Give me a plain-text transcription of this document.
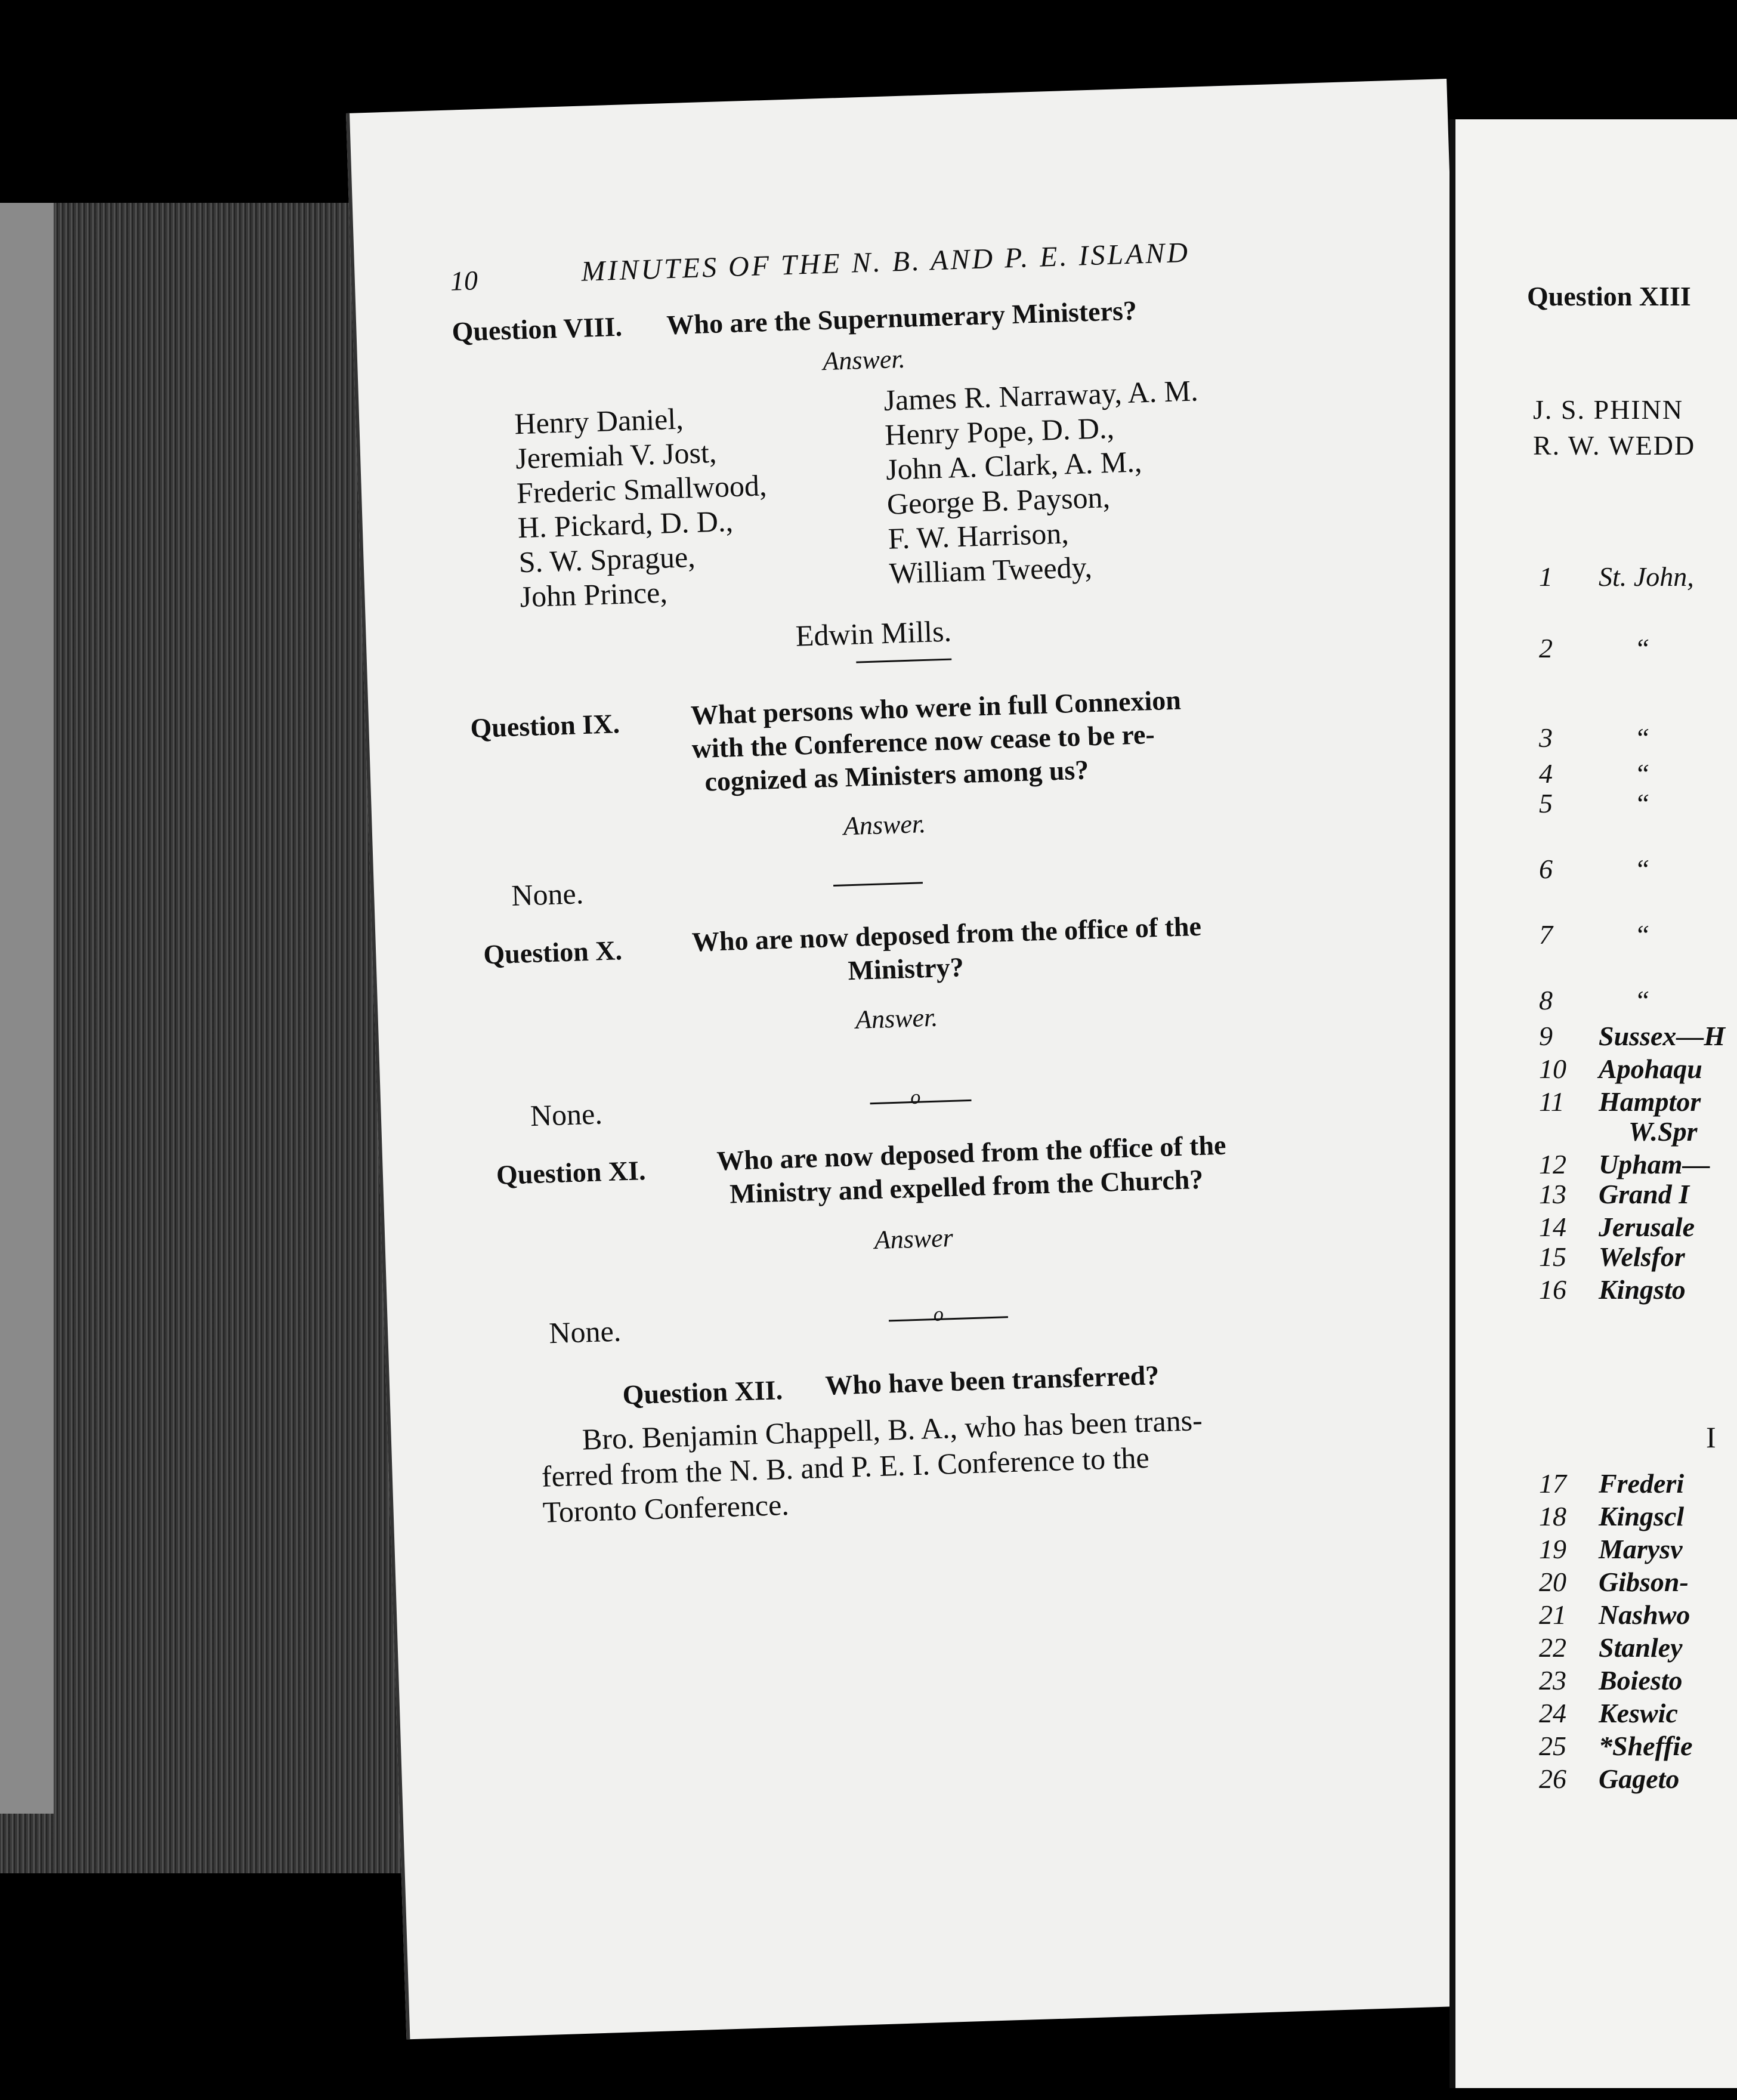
10	MINUTES OF THE N. B. AND P. E. ISLAND
Question VIII. Who are the Supernumerary Ministers?
Answer.
Henry Daniel,
Jeremiah V. Jost,
Frederic Smallwood,
H. Pickard, D. D.,
S. W. Sprague,
John Prince,
James R. Narraway, A. M.
Henry Pope, D. D.,
John A. Clark, A. M.,
George B. Payson,
F. W. Harrison,
William Tweedy,
Edwin Mills.
Question IX.	What persons who were in full Connexion
with the Conference now cease to be re-
cognized as Ministers among us?
Answer.
None.
Question X.	Who are now deposed from the office of the
Ministry?
Answer.
None.	o
Question XI.	Who are now deposed from the office of the
Ministry and expelled from the Church?
Answer
None.	o
Question XII. Who have been transferred?
Bro. Benjamin Chappell, B. A., who has been trans-
ferred from the N. B. and P. E. I. Conference to the
Toronto Conference.
Question XIII
J. S. PHINN
R. W. WEDD
1 St. John,
2	“
3	“
4	“
5	“
6	“
7	“
8	“
9 Sussex—H
10 Apohaqu
11 Hamptor
W.Spr
12 Upham—
13 Grand I
14 Jerusale
15 Welsfor
16 Kingsto
I
17 Frederi
18 Kingscl
19 Marysv
20 Gibson-
21 Nashwo
22 Stanley
23 Boiesto
24 Keswic
25 *Sheffie
26 Gageto
